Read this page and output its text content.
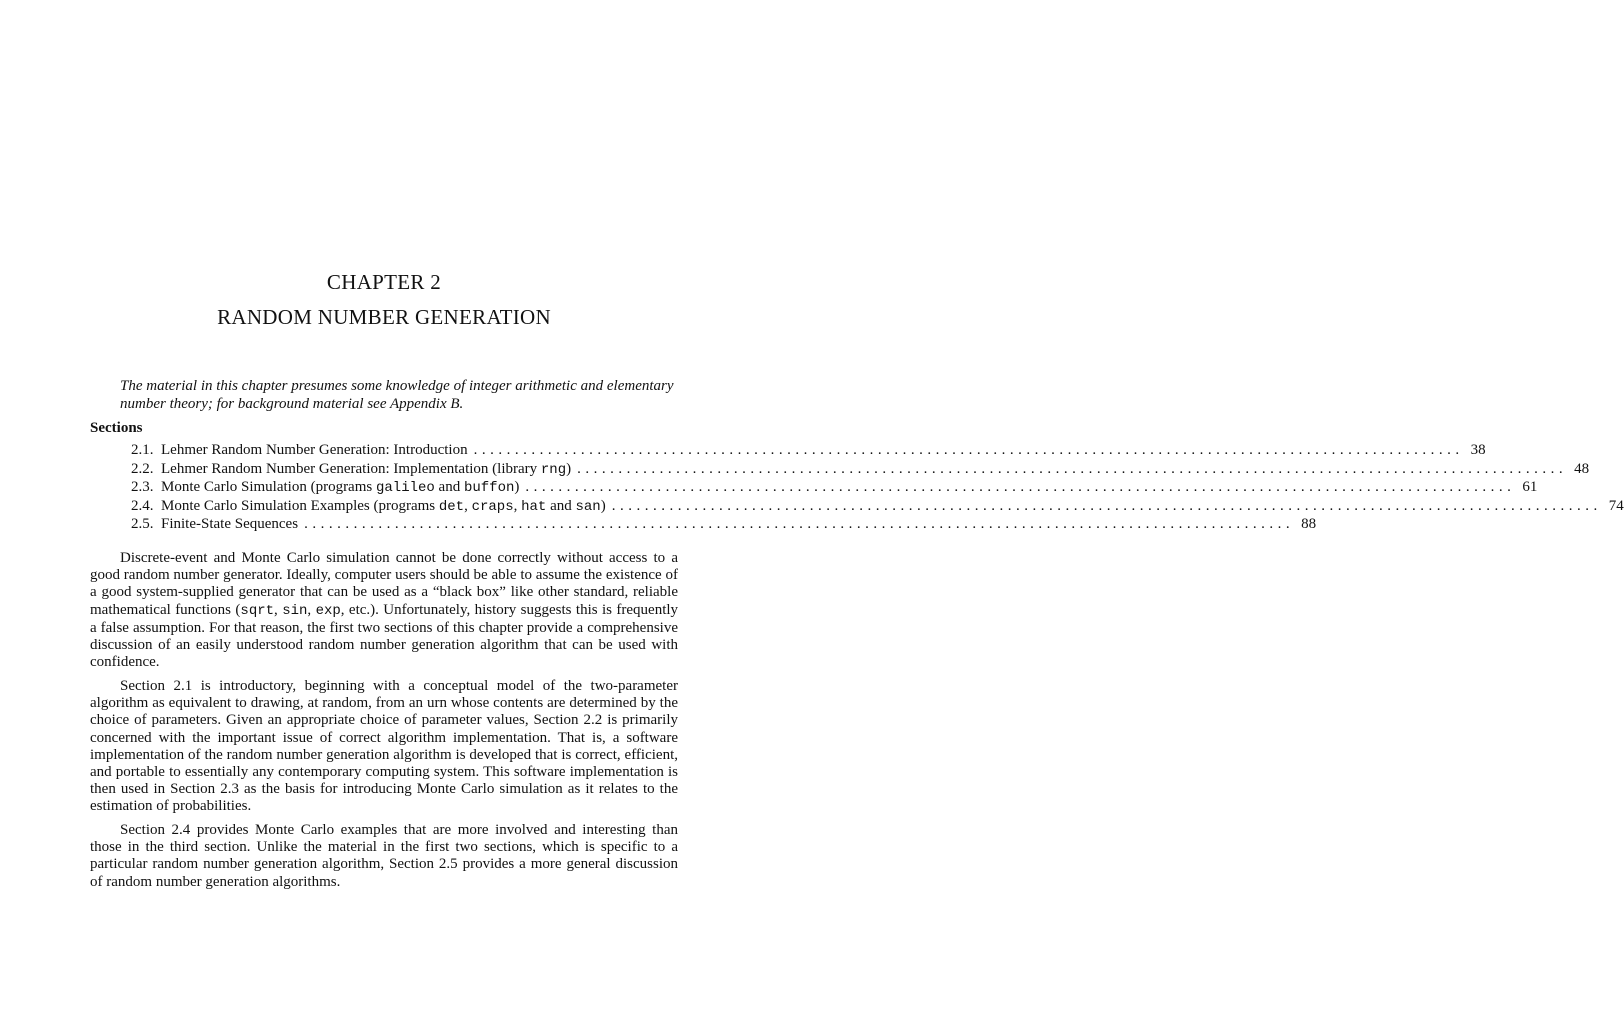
CHAPTER 2
RANDOM NUMBER GENERATION
The material in this chapter presumes some knowledge of integer arithmetic and elementary number theory; for background material see Appendix B.
Sections
2.1. Lehmer Random Number Generation: Introduction ........................................................................................................................ 38
2.2. Lehmer Random Number Generation: Implementation (library rng) ........................................................................................................................ 48
2.3. Monte Carlo Simulation (programs galileo and buffon) ........................................................................................................................ 61
2.4. Monte Carlo Simulation Examples (programs det, craps, hat and san) ........................................................................................................................ 74
2.5. Finite-State Sequences ........................................................................................................................ 88

Discrete-event and Monte Carlo simulation cannot be done correctly without access to a good random number generator. Ideally, computer users should be able to assume the existence of a good system-supplied generator that can be used as a “black box” like other standard, reliable mathematical functions (sqrt, sin, exp, etc.). Unfortunately, history suggests this is frequently a false assumption. For that reason, the first two sections of this chapter provide a comprehensive discussion of an easily understood random number generation algorithm that can be used with confidence.

Section 2.1 is introductory, beginning with a conceptual model of the two-parameter algorithm as equivalent to drawing, at random, from an urn whose contents are determined by the choice of parameters. Given an appropriate choice of parameter values, Section 2.2 is primarily concerned with the important issue of correct algorithm implementation. That is, a software implementation of the random number generation algorithm is developed that is correct, efficient, and portable to essentially any contemporary computing system. This software implementation is then used in Section 2.3 as the basis for introducing Monte Carlo simulation as it relates to the estimation of probabilities.

Section 2.4 provides Monte Carlo examples that are more involved and interesting than those in the third section. Unlike the material in the first two sections, which is specific to a particular random number generation algorithm, Section 2.5 provides a more general discussion of random number generation algorithms.
